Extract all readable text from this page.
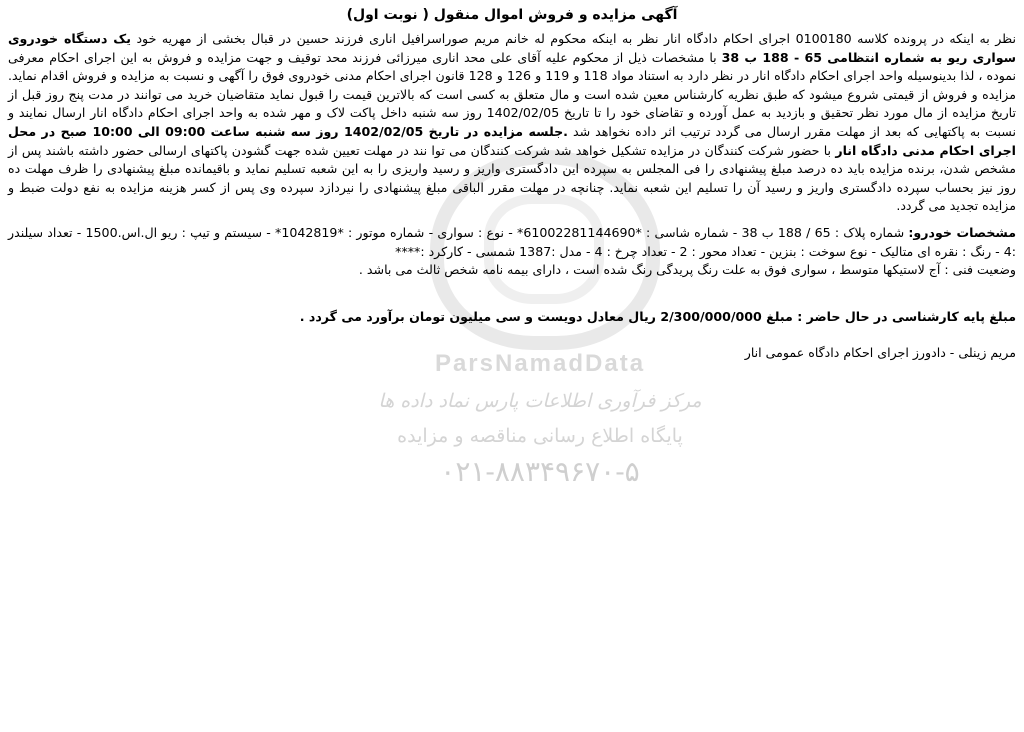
ParsNamadData
مرکز فرآوری اطلاعات پارس نماد داده ها
پایگاه اطلاع رسانی مناقصه و مزایده
۰۲۱-۸۸۳۴۹۶۷۰-۵
آگهی مزایده و فروش اموال منقول ( نوبت اول)

نظر به اینکه در پرونده کلاسه 0100180 اجرای احکام دادگاه انار نظر به اینکه محکوم له خانم مریم صوراسرافیل اناری فرزند حسین در قبال بخشی از مهریه خود یک دستگاه خودروی سواری ریو به شماره انتظامی 65 - 188 ب 38 با مشخصات ذیل از محکوم علیه آقای علی محد اناری میرزائی فرزند محد توقیف و جهت مزایده و فروش به این اجرای احکام معرفی نموده ، لذا بدینوسیله واحد اجرای احکام دادگاه انار در نظر دارد به استناد مواد 118 و 119 و 126 و 128 قانون اجرای احکام مدنی خودروی فوق را آگهی و نسبت به مزایده و فروش اقدام نماید. مزایده و فروش از قیمتی شروع میشود که طبق نظریه کارشناس معین شده است و مال متعلق به کسی است که بالاترین قیمت را قبول نماید متقاضیان خرید می توانند در مدت پنج روز قبل از تاریخ مزایده از مال مورد نظر تحقیق و بازدید به عمل آورده و تقاضای خود را تا تاریخ 1402/02/05 روز سه شنبه داخل پاکت لاک و مهر شده به واحد اجرای احکام دادگاه انار ارسال نمایند و نسبت به پاکتهایی که بعد از مهلت مقرر ارسال می گردد ترتیب اثر داده نخواهد شد .جلسه مزایده در تاریخ 1402/02/05 روز سه شنبه ساعت 09:00 الی 10:00 صبح در محل اجرای احکام مدنی دادگاه انار با حضور شرکت کنندگان در مزایده تشکیل خواهد شد شرکت کنندگان می توا نند در مهلت تعیین شده جهت گشودن پاکتهای ارسالی حضور داشته باشند پس از مشخص شدن، برنده مزایده باید ده درصد مبلغ پیشنهادی را فی المجلس به سپرده این دادگستری واریز و رسید واریزی را به این شعبه تسلیم نماید و باقیمانده مبلغ پیشنهادی را ظرف مهلت ده روز نیز بحساب سپرده دادگستری واریز و رسید آن را تسلیم این شعبه نماید. چنانچه در مهلت مقرر الباقی مبلغ پیشنهادی را نیردازد سپرده وی پس از کسر هزینه مزایده به نفع دولت ضبط و مزایده تجدید می گردد.

مشخصات خودرو: شماره پلاک : 65 / 188 ب 38 - شماره شاسی : *61002281144690* - نوع : سواری - شماره موتور : *1042819* - سیستم و تیپ : ریو ال.اس.1500 - تعداد سیلندر :4 - رنگ : نقره ای متالیک - نوع سوخت : بنزین - تعداد محور : 2 - تعداد چرخ : 4 - مدل :1387 شمسی - کارکرد :****

وضعیت فنی : آج لاستیکها متوسط ، سواری فوق به علت رنگ پریدگی رنگ شده است ، دارای بیمه نامه شخص ثالث می باشد .

مبلغ پایه کارشناسی در حال حاضر : مبلغ 2/300/000/000 ریال معادل دویست و سی میلیون تومان برآورد می گردد .

مریم زینلی - دادورز اجرای احکام دادگاه عمومی انار
